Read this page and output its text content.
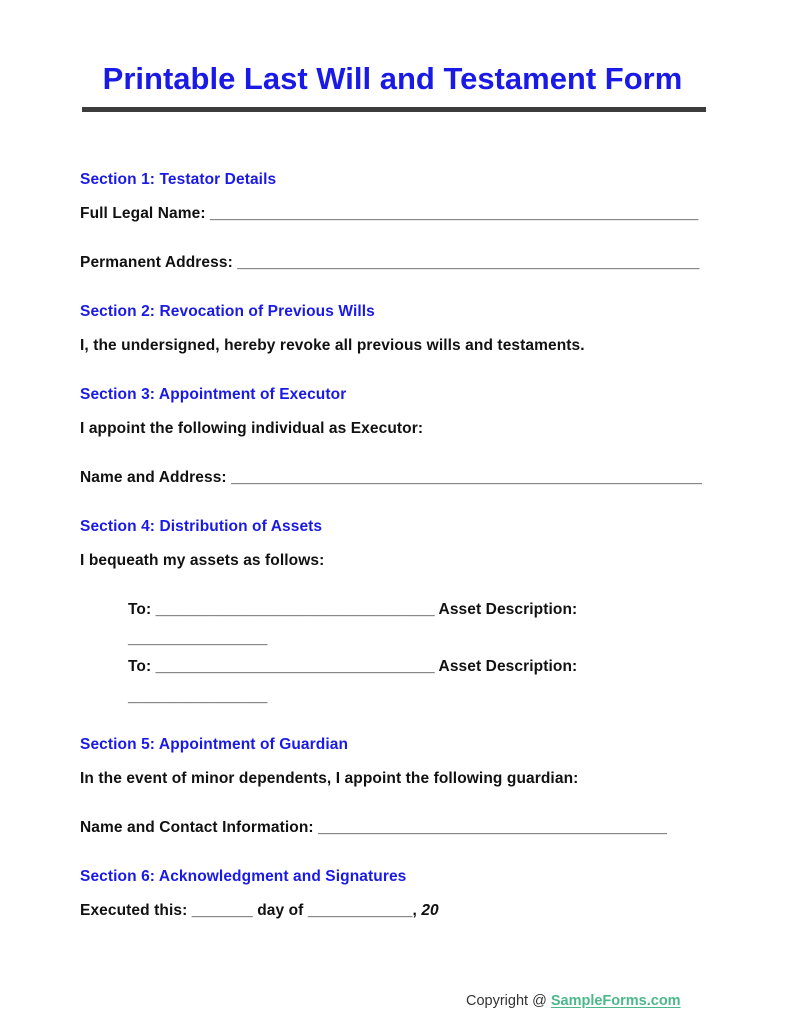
Printable Last Will and Testament Form
Section 1: Testator Details
Full Legal Name: ________________________________________________________
Permanent Address: _____________________________________________________
Section 2: Revocation of Previous Wills
I, the undersigned, hereby revoke all previous wills and testaments.
Section 3: Appointment of Executor
I appoint the following individual as Executor:
Name and Address: ______________________________________________________
Section 4: Distribution of Assets
I bequeath my assets as follows:
To: ________________________________ Asset Description:
________________
To: ________________________________ Asset Description:
________________
Section 5: Appointment of Guardian
In the event of minor dependents, I appoint the following guardian:
Name and Contact Information: ________________________________________
Section 6: Acknowledgment and Signatures
Executed this: _______ day of ____________, 20
Copyright @ SampleForms.com
